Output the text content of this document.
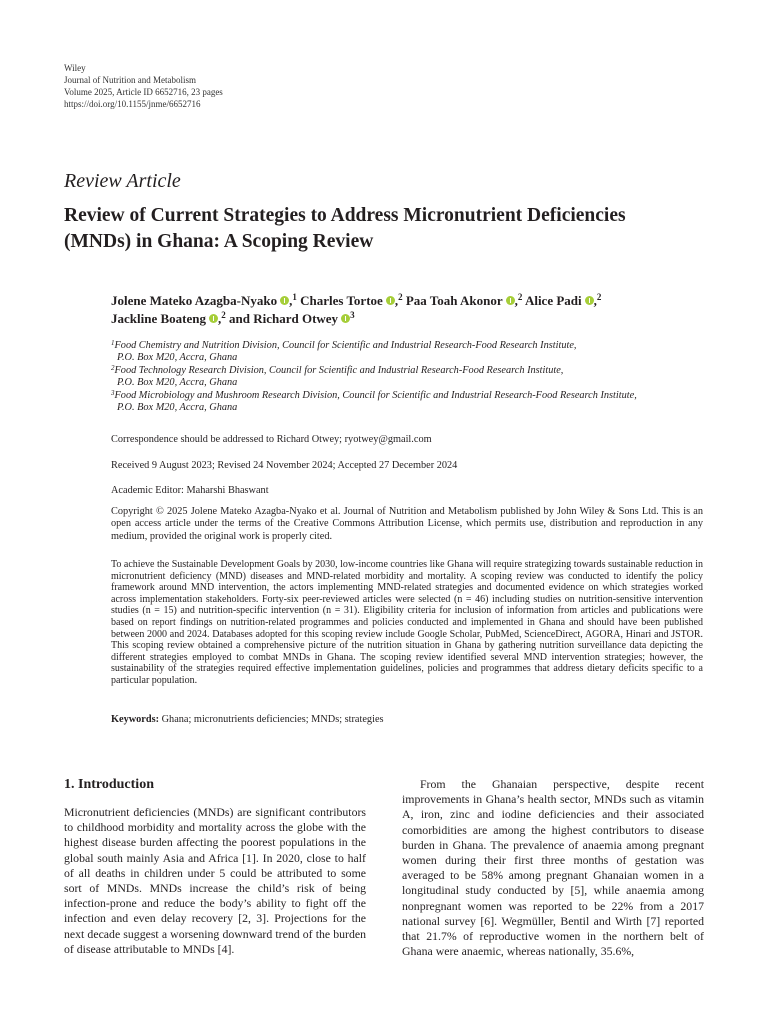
Wiley
Journal of Nutrition and Metabolism
Volume 2025, Article ID 6652716, 23 pages
https://doi.org/10.1155/jnme/6652716
Review Article
Review of Current Strategies to Address Micronutrient Deficiencies (MNDs) in Ghana: A Scoping Review
Jolene Mateko Azagba-Nyako ,$^1$ Charles Tortoe ,$^2$ Paa Toah Akonor ,$^2$ Alice Padi ,$^2$
Jackline Boateng ,$^2$ and Richard Otwey $^3$
$^1$Food Chemistry and Nutrition Division, Council for Scientific and Industrial Research-Food Research Institute,
P.O. Box M20, Accra, Ghana
$^2$Food Technology Research Division, Council for Scientific and Industrial Research-Food Research Institute,
P.O. Box M20, Accra, Ghana
$^3$Food Microbiology and Mushroom Research Division, Council for Scientific and Industrial Research-Food Research Institute,
P.O. Box M20, Accra, Ghana
Correspondence should be addressed to Richard Otwey; ryotwey@gmail.com
Received 9 August 2023; Revised 24 November 2024; Accepted 27 December 2024
Academic Editor: Maharshi Bhaswant
Copyright © 2025 Jolene Mateko Azagba-Nyako et al. Journal of Nutrition and Metabolism published by John Wiley & Sons Ltd. This is an open access article under the terms of the Creative Commons Attribution License, which permits use, distribution and reproduction in any medium, provided the original work is properly cited.
To achieve the Sustainable Development Goals by 2030, low-income countries like Ghana will require strategizing towards sustainable reduction in micronutrient deficiency (MND) diseases and MND-related morbidity and mortality. A scoping review was conducted to identify the policy framework around MND intervention, the actors implementing MND-related strategies and documented evidence on which strategies worked across implementation stakeholders. Forty-six peer-reviewed articles were selected (n = 46) including studies on nutrition-sensitive intervention studies (n = 15) and nutrition-specific intervention (n = 31). Eligibility criteria for inclusion of information from articles and publications were based on report findings on nutrition-related programmes and policies conducted and implemented in Ghana and should have been published between 2000 and 2024. Databases adopted for this scoping review include Google Scholar, PubMed, ScienceDirect, AGORA, Hinari and JSTOR. This scoping review obtained a comprehensive picture of the nutrition situation in Ghana by gathering nutrition surveillance data depicting the different strategies employed to combat MNDs in Ghana. The scoping review identified several MND intervention strategies; however, the sustainability of the strategies required effective implementation guidelines, policies and programmes that address dietary deficits specific to a particular population.
Keywords: Ghana; micronutrients deficiencies; MNDs; strategies
1. Introduction
Micronutrient deficiencies (MNDs) are significant contributors to childhood morbidity and mortality across the globe with the highest disease burden affecting the poorest populations in the global south mainly Asia and Africa [1]. In 2020, close to half of all deaths in children under 5 could be attributed to some sort of MNDs. MNDs increase the child’s risk of being infection-prone and reduce the body’s ability to fight off the infection and even delay recovery [2, 3]. Projections for the next decade suggest a worsening downward trend of the burden of disease attributable to MNDs [4].
From the Ghanaian perspective, despite recent improvements in Ghana’s health sector, MNDs such as vitamin A, iron, zinc and iodine deficiencies and their associated comorbidities are among the highest contributors to disease burden in Ghana. The prevalence of anaemia among pregnant women during their first three months of gestation was averaged to be 58% among pregnant Ghanaian women in a longitudinal study conducted by [5], while anaemia among nonpregnant women was reported to be 22% from a 2017 national survey [6]. Wegmüller, Bentil and Wirth [7] reported that 21.7% of reproductive women in the northern belt of Ghana were anaemic, whereas nationally, 35.6%,
